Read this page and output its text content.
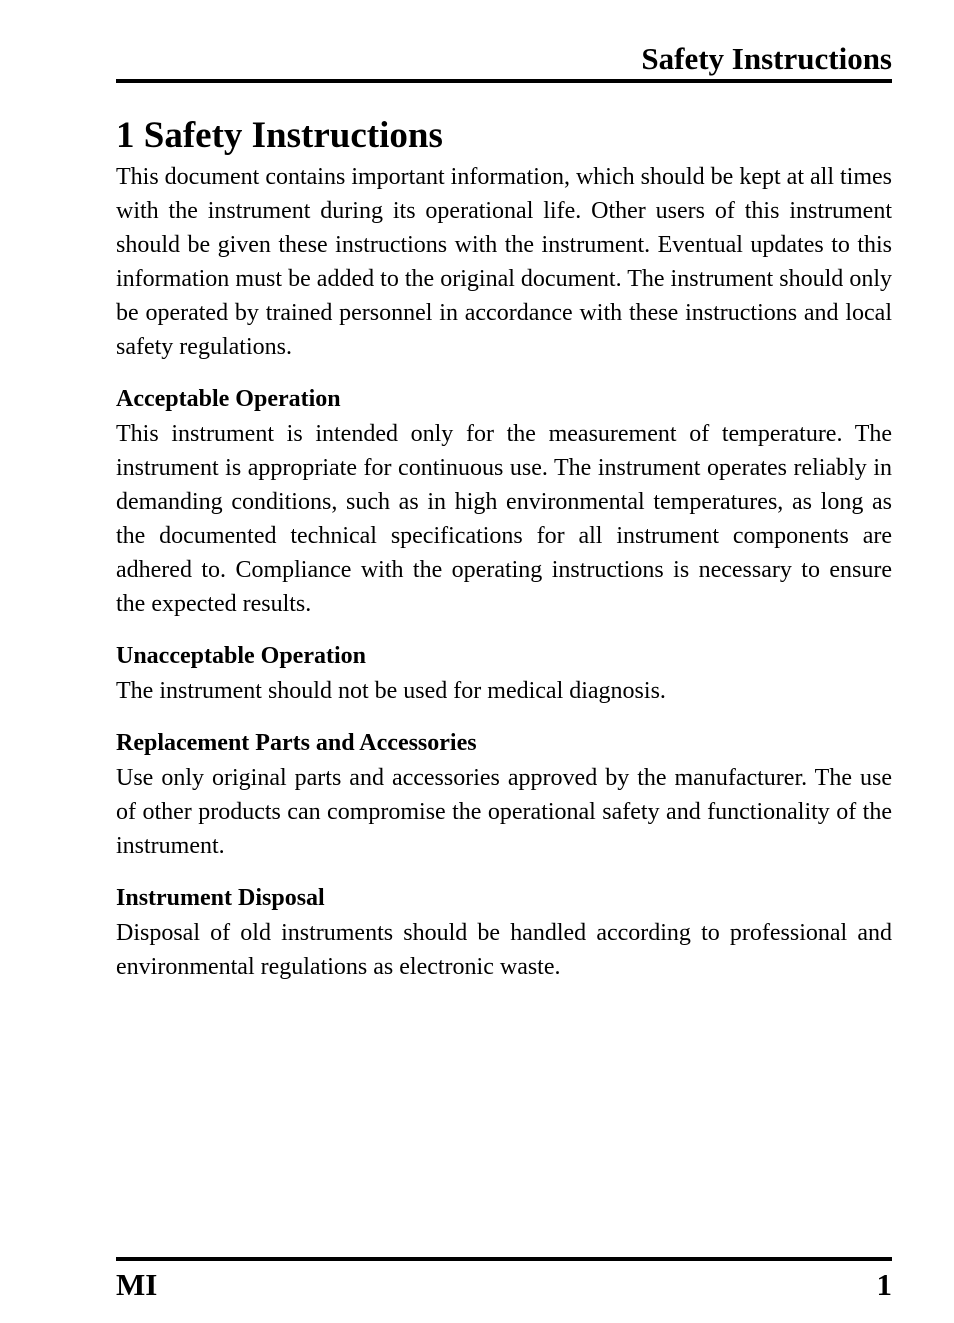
Safety Instructions
1 Safety Instructions

This document contains important information, which should be kept at all times with the instrument during its operational life. Other users of this instrument should be given these instructions with the instrument. Eventual updates to this information must be added to the original document. The instrument should only be operated by trained personnel in accordance with these instructions and local safety regulations.

Acceptable Operation

This instrument is intended only for the measurement of temperature. The instrument is appropriate for continuous use. The instrument operates reliably in demanding conditions, such as in high environmental temperatures, as long as the documented technical specifications for all instrument components are adhered to. Compliance with the operating instructions is necessary to ensure the expected results.

Unacceptable Operation

The instrument should not be used for medical diagnosis.

Replacement Parts and Accessories

Use only original parts and accessories approved by the manufacturer. The use of other products can compromise the operational safety and functionality of the instrument.

Instrument Disposal

Disposal of old instruments should be handled according to professional and environmental regulations as electronic waste.

MI	1
